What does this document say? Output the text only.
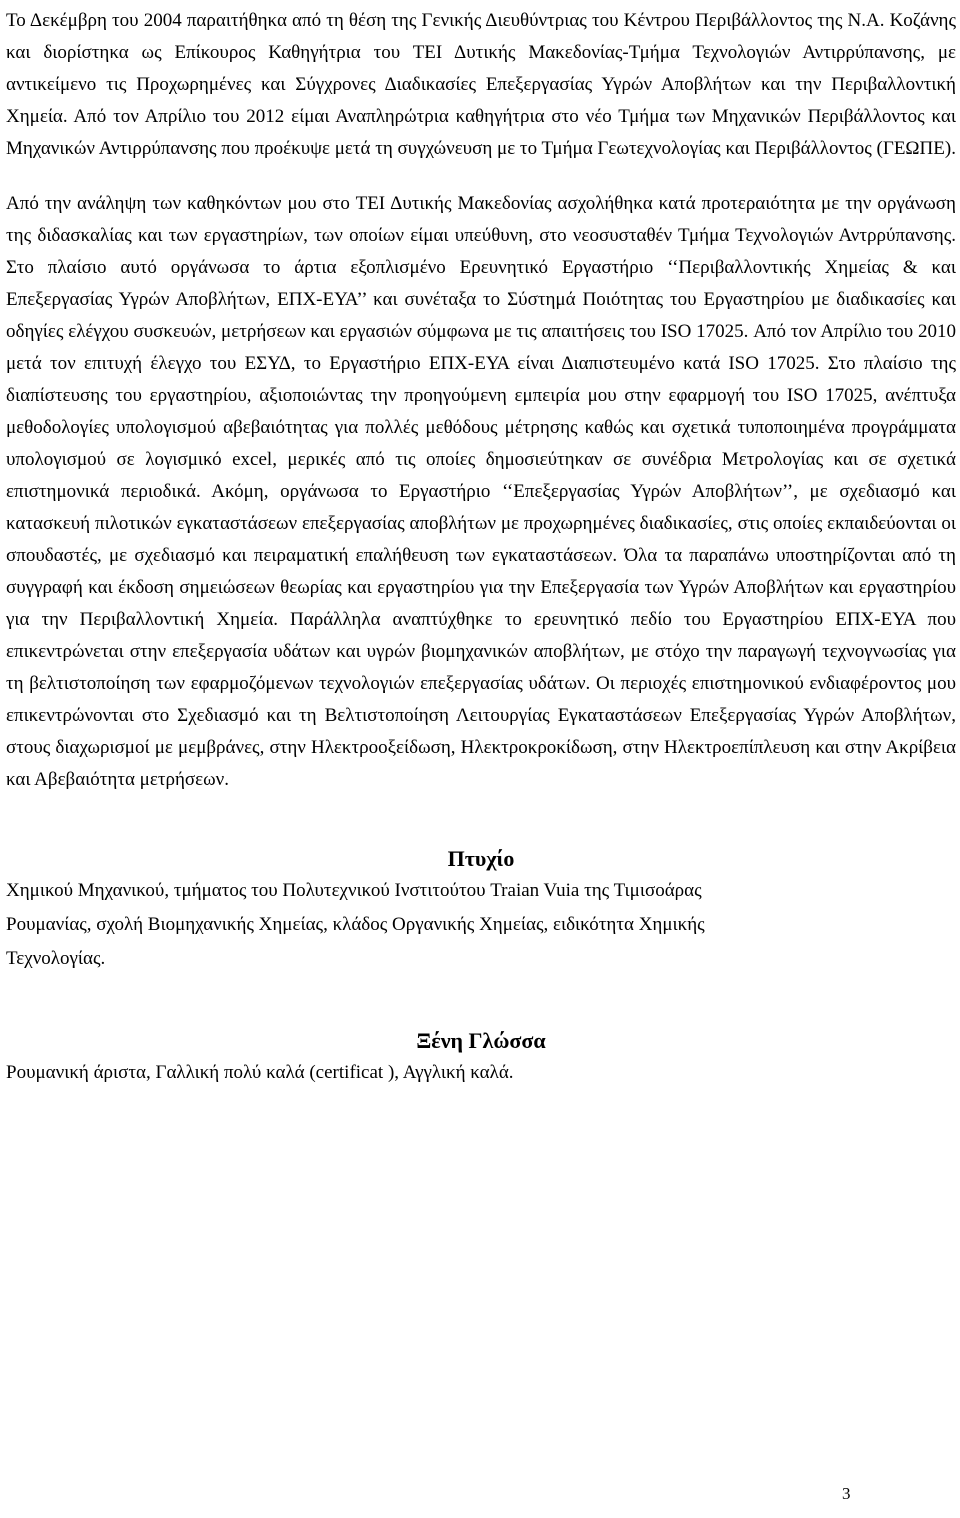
Το Δεκέμβρη του 2004 παραιτήθηκα από τη θέση της Γενικής Διευθύντριας του Κέντρου Περιβάλλοντος της Ν.Α. Κοζάνης και διορίστηκα ως Επίκουρος Καθηγήτρια του ΤΕΙ Δυτικής Μακεδονίας-Τμήμα Τεχνολογιών Αντιρρύπανσης, με αντικείμενο τις Προχωρημένες και Σύγχρονες Διαδικασίες Επεξεργασίας Υγρών Αποβλήτων και την Περιβαλλοντική Χημεία. Από τον Απρίλιο του 2012 είμαι Αναπληρώτρια καθηγήτρια στο νέο Τμήμα των Μηχανικών Περιβάλλοντος και Μηχανικών Αντιρρύπανσης που προέκυψε μετά τη συγχώνευση με το Τμήμα Γεωτεχνολογίας και Περιβάλλοντος (ΓΕΩΠΕ).

Από την ανάληψη των καθηκόντων μου στο ΤΕΙ Δυτικής Μακεδονίας ασχολήθηκα κατά προτεραιότητα με την οργάνωση της διδασκαλίας και των εργαστηρίων, των οποίων είμαι υπεύθυνη, στο νεοσυσταθέν Τμήμα Τεχνολογιών Αντρρύπανσης. Στο πλαίσιο αυτό οργάνωσα το άρτια εξοπλισμένο Ερευνητικό Εργαστήριο ‘‘Περιβαλλοντικής Χημείας & και Επεξεργασίας Υγρών Αποβλήτων, ΕΠΧ-ΕΥΑ’’ και συνέταξα το Σύστημά Ποιότητας του Εργαστηρίου με διαδικασίες και οδηγίες ελέγχου συσκευών, μετρήσεων και εργασιών σύμφωνα με τις απαιτήσεις του ISO 17025. Από τον Απρίλιο του 2010 μετά τον επιτυχή έλεγχο του ΕΣΥΔ, το Εργαστήριο ΕΠΧ-ΕΥΑ είναι Διαπιστευμένο κατά ISO 17025. Στο πλαίσιο της διαπίστευσης του εργαστηρίου, αξιοποιώντας την προηγούμενη εμπειρία μου στην εφαρμογή του ISO 17025, ανέπτυξα μεθοδολογίες υπολογισμού αβεβαιότητας για πολλές μεθόδους μέτρησης καθώς και σχετικά τυποποιημένα προγράμματα υπολογισμού σε λογισμικό excel, μερικές από τις οποίες δημοσιεύτηκαν σε συνέδρια Μετρολογίας και σε σχετικά επιστημονικά περιοδικά. Ακόμη, οργάνωσα το Εργαστήριο ‘‘Επεξεργασίας Υγρών Αποβλήτων’’, με σχεδιασμό και κατασκευή πιλοτικών εγκαταστάσεων επεξεργασίας αποβλήτων με προχωρημένες διαδικασίες, στις οποίες εκπαιδεύονται οι σπουδαστές, με σχεδιασμό και πειραματική επαλήθευση των εγκαταστάσεων. Όλα τα παραπάνω υποστηρίζονται από τη συγγραφή και έκδοση σημειώσεων θεωρίας και εργαστηρίου για την Επεξεργασία των Υγρών Αποβλήτων και εργαστηρίου για την Περιβαλλοντική Χημεία. Παράλληλα αναπτύχθηκε το ερευνητικό πεδίο του Εργαστηρίου ΕΠΧ-ΕΥΑ που επικεντρώνεται στην επεξεργασία υδάτων και υγρών βιομηχανικών αποβλήτων, με στόχο την παραγωγή τεχνογνωσίας για τη βελτιστοποίηση των εφαρμοζόμενων τεχνολογιών επεξεργασίας υδάτων. Οι περιοχές επιστημονικού ενδιαφέροντος μου επικεντρώνονται στο Σχεδιασμό και τη Βελτιστοποίηση Λειτουργίας Εγκαταστάσεων Επεξεργασίας Υγρών Αποβλήτων, στους διαχωρισμοί με μεμβράνες, στην Ηλεκτροοξείδωση, Ηλεκτροκροκίδωση, στην Ηλεκτροεπίπλευση και στην Ακρίβεια και Αβεβαιότητα μετρήσεων.

Πτυχίο

Χημικού Μηχανικού, τμήματος του Πολυτεχνικού Ινστιτούτου Traian Vuia της Τιμισοάρας

Ρουμανίας, σχολή Βιομηχανικής Χημείας, κλάδος Οργανικής Χημείας, ειδικότητα Χημικής

Τεχνολογίας.

Ξένη Γλώσσα

Ρουμανική άριστα, Γαλλική πολύ καλά (certificat ), Αγγλική καλά.

3
